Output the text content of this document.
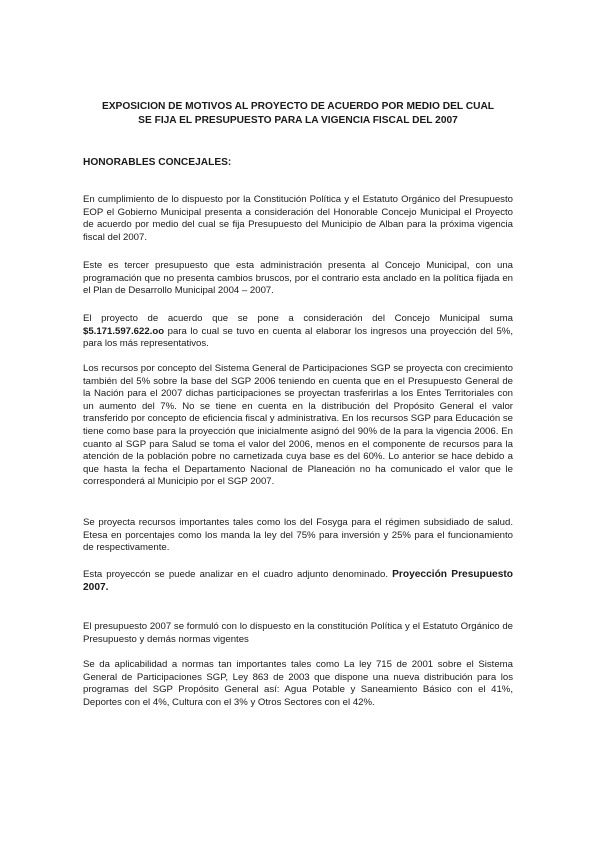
EXPOSICION DE MOTIVOS AL PROYECTO DE ACUERDO POR MEDIO DEL CUAL
SE FIJA EL PRESUPUESTO PARA LA VIGENCIA FISCAL DEL 2007
HONORABLES CONCEJALES:
En cumplimiento de lo dispuesto por la Constitución Política y el Estatuto Orgánico del Presupuesto EOP el Gobierno Municipal presenta a consideración del Honorable Concejo Municipal el Proyecto de acuerdo por medio del cual se fija Presupuesto del Municipio de Alban para la próxima vigencia fiscal del 2007.
Este es tercer presupuesto que esta administración presenta al Concejo Municipal, con una programación que no presenta cambios bruscos, por el contrario esta anclado en la política fijada en el Plan de Desarrollo Municipal 2004 – 2007.
El proyecto de acuerdo que se pone a consideración del Concejo Municipal suma $5.171.597.622.oo para lo cual se tuvo en cuenta al elaborar los ingresos una proyección del 5%, para los más representativos.
Los recursos por concepto del Sistema General de Participaciones SGP se proyecta con crecimiento también del 5% sobre la base del SGP 2006 teniendo en cuenta que en el Presupuesto General de la Nación para el 2007 dichas participaciones se proyectan trasferirlas a los Entes Territoriales con un aumento del 7%. No se tiene en cuenta en la distribución del Propósito General el valor transferido por concepto de eficiencia fiscal y administrativa. En los recursos SGP para Educación se tiene como base para la proyección que inicialmente asignó del 90% de la para la vigencia 2006. En cuanto al SGP para Salud se toma el valor del 2006, menos en el componente de recursos para la atención de la población pobre no carnetizada cuya base es del 60%. Lo anterior se hace debido a que hasta la fecha el Departamento Nacional de Planeación no ha comunicado el valor que le corresponderá al Municipio por el SGP 2007.
Se proyecta recursos importantes tales como los del Fosyga para el régimen subsidiado de salud. Etesa en porcentajes como los manda la ley del 75% para inversión y 25% para el funcionamiento de respectivamente.
Esta proyeccón se puede analizar en el cuadro adjunto denominado. Proyección Presupuesto 2007.
El presupuesto 2007 se formuló con lo dispuesto en la constitución Política y el Estatuto Orgánico de Presupuesto y demás normas vigentes
Se da aplicabilidad a normas tan importantes tales como La ley 715 de 2001 sobre el Sistema General de Participaciones SGP, Ley 863 de 2003 que dispone una nueva distribución para los programas del SGP Propósito General así: Agua Potable y Saneamiento Básico con el 41%, Deportes con el 4%, Cultura con el 3% y Otros Sectores con el 42%.
